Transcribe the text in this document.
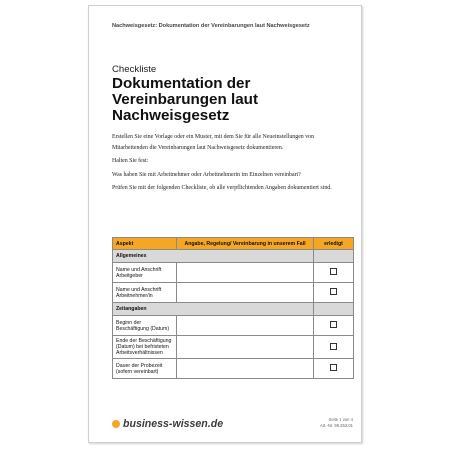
Nachweisgesetz: Dokumentation der Vereinbarungen laut Nachweisgesetz
Checkliste
Dokumentation der Vereinbarungen laut Nachweisgesetz

Erstellen Sie eine Vorlage oder ein Muster, mit dem Sie für alle Neueinstellungen von Mitarbeitenden die Vereinbarungen laut Nachweisgesetz dokumentieren.

Halten Sie fest:

Was haben Sie mit Arbeitnehmer oder Arbeitnehmerin im Einzelnen vereinbart?

Prüfen Sie mit der folgenden Checkliste, ob alle verpflichtenden Angaben dokumentiert sind.

Aspekt	Angabe, Regelung/ Vereinbarung in unserem Fall	erledigt
Allgemeines		
Name und Anschrift Arbeitgeber		
Name und Anschrift Arbeitnehmer/in		
Zeitangaben		
Beginn der Beschäftigung (Datum)		
Ende der Beschäftigung (Datum) bei befristeten Arbeitsverhältnissen		
Dauer der Probezeit (sofern vereinbart)		
business-wissen.de	Seite 1 von 4
Art.-Nr. 99.252.01
